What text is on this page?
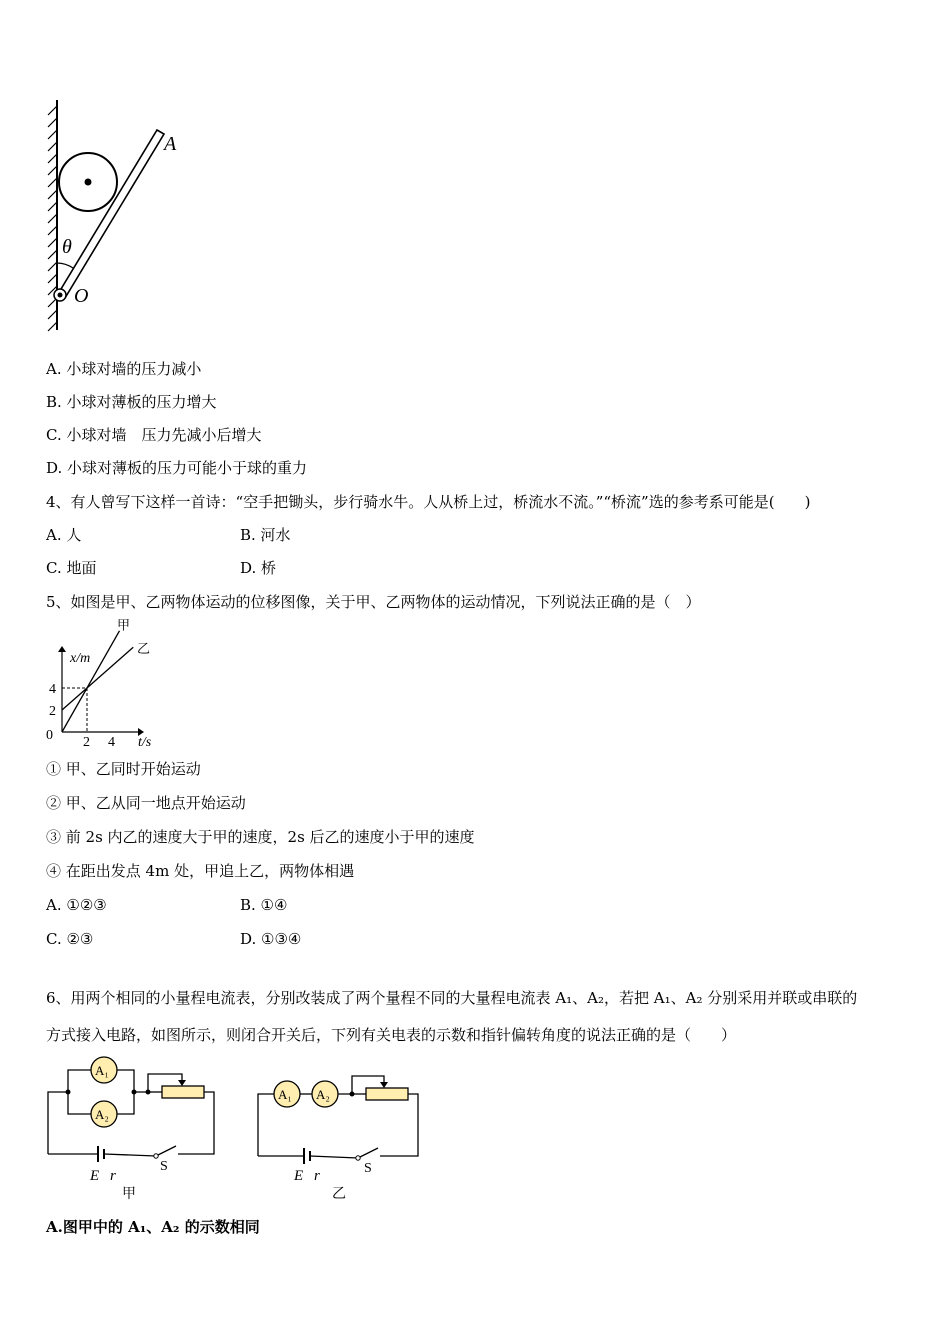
A
θ
O
A. 小球对墙的压力减小
B. 小球对薄板的压力增大
C. 小球对墙　压力先减小后增大
D. 小球对薄板的压力可能小于球的重力
4、有人曾写下这样一首诗：“空手把锄头，步行骑水牛。人从桥上过，桥流水不流。”“桥流”选的参考系可能是(　　)
A. 人	B. 河水
C. 地面	D. 桥
5、如图是甲、乙两物体运动的位移图像，关于甲、乙两物体的运动情况，下列说法正确的是（　）
甲
乙
0 2 4
2
4
x/m
t/s
① 甲、乙同时开始运动
② 甲、乙从同一地点开始运动
③ 前 2s 内乙的速度大于甲的速度，2s 后乙的速度小于甲的速度
④ 在距出发点 4m 处，甲追上乙，两物体相遇
A. ①②③	B. ①④
C. ②③	D. ①③④
6、用两个相同的小量程电流表，分别改装成了两个量程不同的大量程电流表 A₁、A₂，若把 A₁、A₂ 分别采用并联或串联的
方式接入电路，如图所示，则闭合开关后，下列有关电表的示数和指针偏转角度的说法正确的是（　　）
A₁
A₂
E r
S
甲
A₁ A₂
E r	S
乙
A.图甲中的 A₁、A₂ 的示数相同
